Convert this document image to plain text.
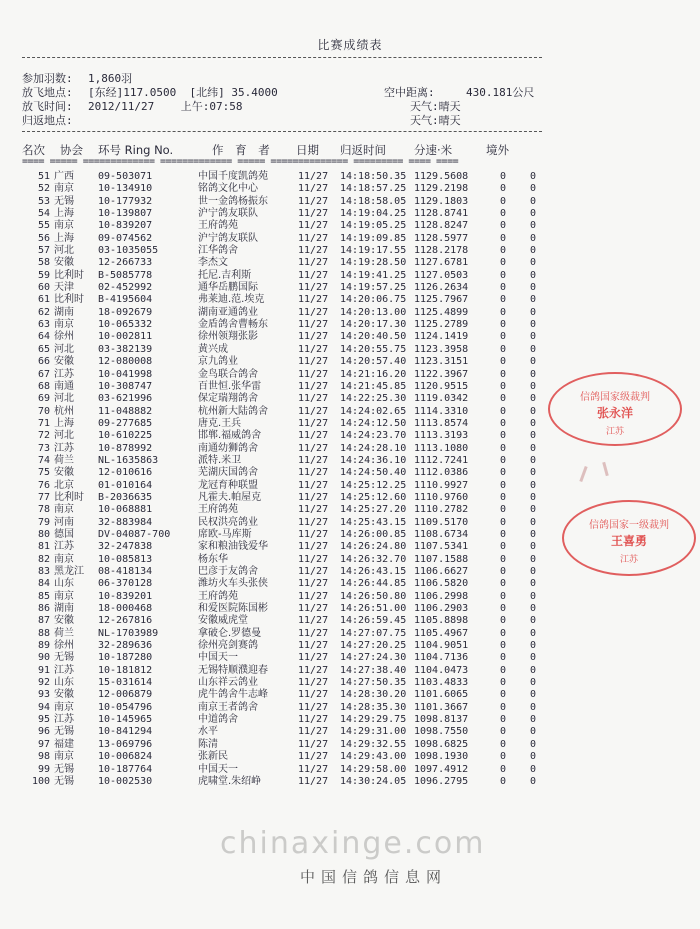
比赛成绩表
参加羽数: 1,860羽
放飞地点: [东经]117.0500  [北纬] 35.4000	空中距离:	430.181公尺
放飞时间: 2012/11/27    上午:07:58	天气:晴天
归返地点:	天气:晴天
名次 协会 环号 Ring No.	作 育 者 日期 归返时间 分速·米	境外
==== ===== ============= ============= ===== ============== ========= ==== ====
51 广西 09-503071	中国千度凯鸽苑	11/27 14:18:50.35 1129.5608	0 0
52 南京 10-134910	铭鸽文化中心	11/27 14:18:57.25 1129.2198	0 0
53 无锡 10-177932	世一金鸽杨振东	11/27 14:18:58.05 1129.1803	0 0
54 上海 10-139807	沪宁鸽友联队	11/27 14:19:04.25 1128.8741	0 0
55 南京 10-839207	王府鸽苑	11/27 14:19:05.25 1128.8247	0 0
56 上海 09-074562	沪宁鸽友联队	11/27 14:19:09.85 1128.5977	0 0
57 河北 03-1035055	江华鸽舍	11/27 14:19:17.55 1128.2178	0 0
58 安徽 12-266733	李杰文	11/27 14:19:28.50 1127.6781	0 0
59 比利时 B-5085778	托尼.吉利斯	11/27 14:19:41.25 1127.0503	0 0
60 天津 02-452992	通华岳鹏国际	11/27 14:19:57.25 1126.2634	0 0
61 比利时 B-4195604	弗莱迪.范.埃克	11/27 14:20:06.75 1125.7967	0 0
62 湖南 18-092679	湖南亚通鸽业	11/27 14:20:13.00 1125.4899	0 0
63 南京 10-065332	金盾鸽舍曹畅东	11/27 14:20:17.30 1125.2789	0 0
64 徐州 10-002811	徐州领翔张影	11/27 14:20:40.50 1124.1419	0 0
65 河北 03-382139	黄兴成	11/27 14:20:55.75 1123.3958	0 0
66 安徽 12-080008	京九鸽业	11/27 14:20:57.40 1123.3151	0 0
67 江苏 10-041998	金鸟联合鸽舍	11/27 14:21:16.20 1122.3967	0 0
68 南通 10-308747	百世恒.张华雷	11/27 14:21:45.85 1120.9515	0 0
69 河北 03-621996	保定瑞翔鸽舍	11/27 14:22:25.30 1119.0342	0 0
70 杭州 11-048882	杭州新大陆鸽舍	11/27 14:24:02.65 1114.3310	0 0
71 上海 09-277685	唐克.王兵	11/27 14:24:12.50 1113.8574	0 0
72 河北 10-610225	邯郸.福威鸽舍	11/27 14:24:23.70 1113.3193	0 0
73 江苏 10-878992	南通幼狮鸽舍	11/27 14:24:28.10 1113.1080	0 0
74 荷兰 NL-1635863	派特.米卫	11/27 14:24:36.10 1112.7241	0 0
75 安徽 12-010616	芜湖庆国鸽舍	11/27 14:24:50.40 1112.0386	0 0
76 北京 01-010164	龙冠育种联盟	11/27 14:25:12.25 1110.9927	0 0
77 比利时 B-2036635	凡霍夫.帕屋克	11/27 14:25:12.60 1110.9760	0 0
78 南京 10-068881	王府鸽苑	11/27 14:25:27.20 1110.2782	0 0
79 河南 32-883984	民权洪亮鸽业	11/27 14:25:43.15 1109.5170	0 0
80 德国 DV-04087-700	席欧-马库斯	11/27 14:26:00.85 1108.6734	0 0
81 江苏 32-247838	家和粮油钱爱华	11/27 14:26:24.80 1107.5341	0 0
82 南京 10-085813	杨东华	11/27 14:26:32.70 1107.1588	0 0
83 黑龙江 08-418134	巴彦于友鸽舍	11/27 14:26:43.15 1106.6627	0 0
84 山东 06-370128	潍坊火车头张侠	11/27 14:26:44.85 1106.5820	0 0
85 南京 10-839201	王府鸽苑	11/27 14:26:50.80 1106.2998	0 0
86 湖南 18-000468	和爱医院陈国彬	11/27 14:26:51.00 1106.2903	0 0
87 安徽 12-267816	安徽威虎堂	11/27 14:26:59.45 1105.8898	0 0
88 荷兰 NL-1703989	拿破仑.罗德曼	11/27 14:27:07.75 1105.4967	0 0
89 徐州 32-289636	徐州亮剑赛鸽	11/27 14:27:20.25 1104.9051	0 0
90 无锡 10-187280	中国天一	11/27 14:27:24.30 1104.7136	0 0
91 江苏 10-181812	无锡特顺濮迎春	11/27 14:27:38.40 1104.0473	0 0
92 山东 15-031614	山东祥云鸽业	11/27 14:27:50.35 1103.4833	0 0
93 安徽 12-006879	虎牛鸽舍牛志峰	11/27 14:28:30.20 1101.6065	0 0
94 南京 10-054796	南京王者鸽舍	11/27 14:28:35.30 1101.3667	0 0
95 江苏 10-145965	中道鸽舍	11/27 14:29:29.75 1098.8137	0 0
96 无锡 10-841294	水平	11/27 14:29:31.00 1098.7550	0 0
97 福建 13-069796	陈清	11/27 14:29:32.55 1098.6825	0 0
98 南京 10-006824	张新民	11/27 14:29:43.00 1098.1930	0 0
99 无锡 10-187764	中国天一	11/27 14:29:58.00 1097.4912	0 0
100 无锡 10-002530	虎啸堂.朱绍峥	11/27 14:30:24.05 1096.2795	0 0
信鸽国家级裁判
张永洋
江苏
信鸽国家一级裁判
王喜勇
江苏
chinaxinge.com
中国信鸽信息网
